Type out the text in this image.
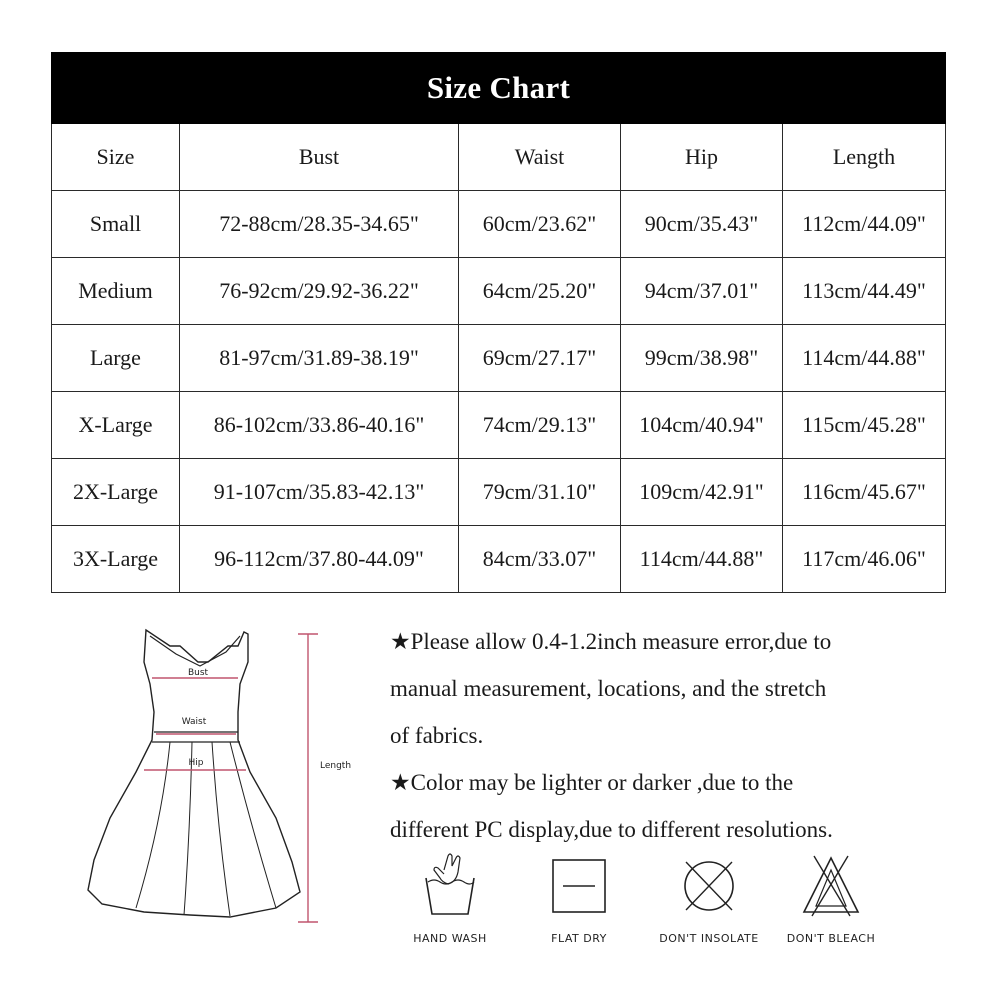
Size Chart				
Size	Bust	Waist	Hip	Length
Small	72-88cm/28.35-34.65"	60cm/23.62"	90cm/35.43"	112cm/44.09"
Medium	76-92cm/29.92-36.22"	64cm/25.20"	94cm/37.01"	113cm/44.49"
Large	81-97cm/31.89-38.19"	69cm/27.17"	99cm/38.98"	114cm/44.88"
X-Large	86-102cm/33.86-40.16"	74cm/29.13"	104cm/40.94"	115cm/45.28"
2X-Large	91-107cm/35.83-42.13"	79cm/31.10"	109cm/42.91"	116cm/45.67"
3X-Large	96-112cm/37.80-44.09"	84cm/33.07"	114cm/44.88"	117cm/46.06"
Bust
Waist
Hip	Length

★Please allow 0.4-1.2inch measure error,due to

manual measurement, locations, and the stretch

of fabrics.

★Color may be lighter or darker ,due to the

different PC display,due to different resolutions.

HAND WASH	FLAT DRY	DON'T INSOLATE	DON'T BLEACH
